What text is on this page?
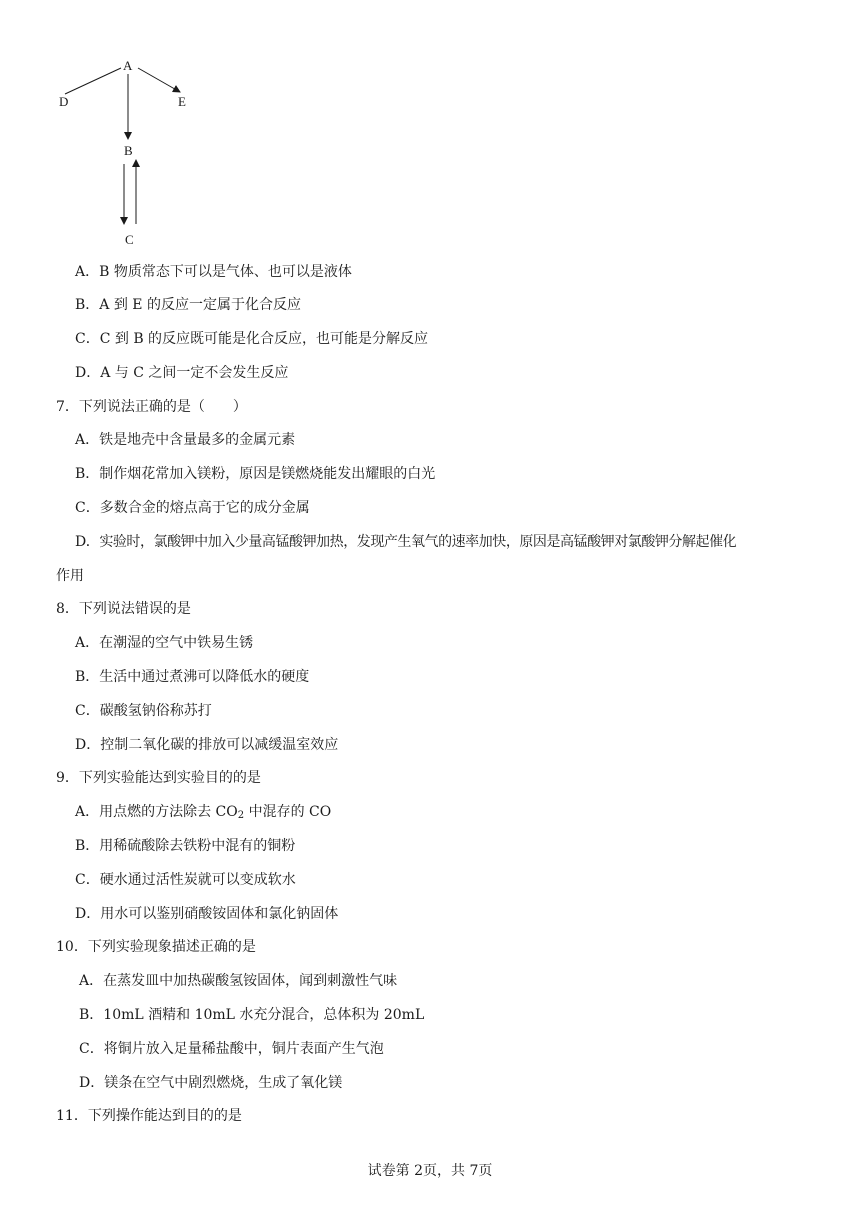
A
D	E
B
C
A．B 物质常态下可以是气体、也可以是液体
B．A 到 E 的反应一定属于化合反应
C．C 到 B 的反应既可能是化合反应，也可能是分解反应
D．A 与 C 之间一定不会发生反应
7．下列说法正确的是（　　）
A．铁是地壳中含量最多的金属元素
B．制作烟花常加入镁粉，原因是镁燃烧能发出耀眼的白光
C．多数合金的熔点高于它的成分金属
D．实验时，氯酸钾中加入少量高锰酸钾加热，发现产生氧气的速率加快，原因是高锰酸钾对氯酸钾分解起催化
作用
8．下列说法错误的是
A．在潮湿的空气中铁易生锈
B．生活中通过煮沸可以降低水的硬度
C．碳酸氢钠俗称苏打
D．控制二氧化碳的排放可以减缓温室效应
9．下列实验能达到实验目的的是
A．用点燃的方法除去 $CO_2$ 中混存的 CO
B．用稀硫酸除去铁粉中混有的铜粉
C．硬水通过活性炭就可以变成软水
D．用水可以鉴别硝酸铵固体和氯化钠固体
10．下列实验现象描述正确的是
A．在蒸发皿中加热碳酸氢铵固体，闻到刺激性气味
B．10mL 酒精和 10mL 水充分混合，总体积为 20mL
C．将铜片放入足量稀盐酸中，铜片表面产生气泡
D．镁条在空气中剧烈燃烧，生成了氧化镁
11．下列操作能达到目的的是
试卷第 2页，共 7页
